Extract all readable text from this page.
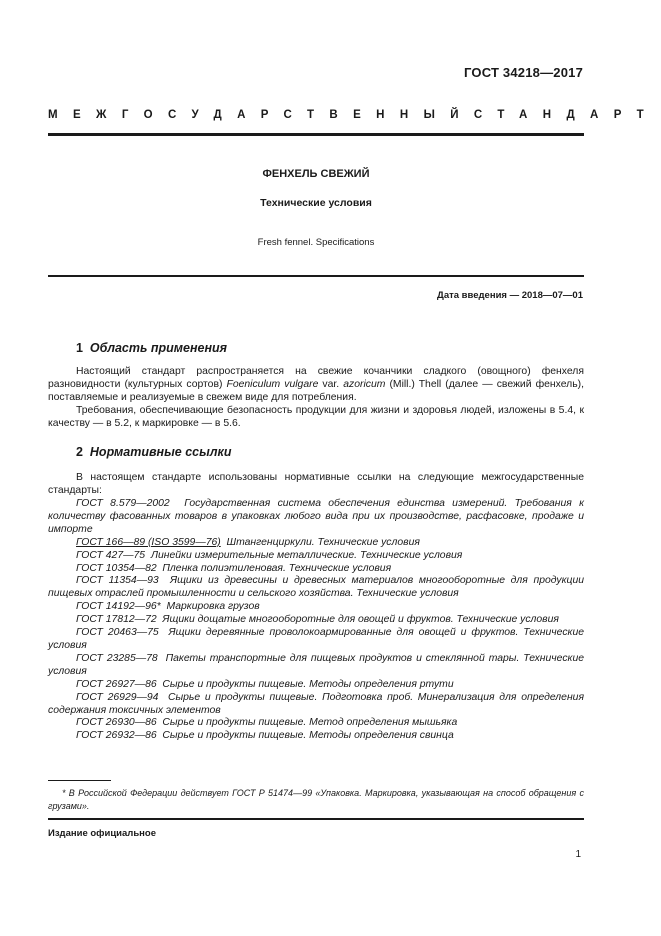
ГОСТ 34218—2017
МЕЖГОСУДАРСТВЕННЫЙ СТАНДАРТ
ФЕНХЕЛЬ СВЕЖИЙ
Технические условия
Fresh fennel. Specifications
Дата введения — 2018—07—01
1 Область применения

Настоящий стандарт распространяется на свежие кочанчики сладкого (овощного) фенхеля разновидности (культурных сортов) Foeniculum vulgare var. azoricum (Mill.) Thell (далее — свежий фенхель), поставляемые и реализуемые в свежем виде для потребления.

Требования, обеспечивающие безопасность продукции для жизни и здоровья людей, изложены в 5.4, к качеству — в 5.2, к маркировке — в 5.6.

2 Нормативные ссылки

В настоящем стандарте использованы нормативные ссылки на следующие межгосударственные стандарты:

ГОСТ 8.579—2002 Государственная система обеспечения единства измерений. Требования к количеству фасованных товаров в упаковках любого вида при их производстве, расфасовке, продаже и импорте

ГОСТ 166—89 (ISO 3599—76) Штангенциркули. Технические условия

ГОСТ 427—75 Линейки измерительные металлические. Технические условия

ГОСТ 10354—82 Пленка полиэтиленовая. Технические условия

ГОСТ 11354—93 Ящики из древесины и древесных материалов многооборотные для продукции пищевых отраслей промышленности и сельского хозяйства. Технические условия

ГОСТ 14192—96* Маркировка грузов

ГОСТ 17812—72 Ящики дощатые многооборотные для овощей и фруктов. Технические условия

ГОСТ 20463—75 Ящики деревянные проволокоармированные для овощей и фруктов. Технические условия

ГОСТ 23285—78 Пакеты транспортные для пищевых продуктов и стеклянной тары. Технические условия

ГОСТ 26927—86 Сырье и продукты пищевые. Методы определения ртути

ГОСТ 26929—94 Сырье и продукты пищевые. Подготовка проб. Минерализация для определения содержания токсичных элементов

ГОСТ 26930—86 Сырье и продукты пищевые. Метод определения мышьяка

ГОСТ 26932—86 Сырье и продукты пищевые. Методы определения свинца

* В Российской Федерации действует ГОСТ Р 51474—99 «Упаковка. Маркировка, указывающая на способ обращения с грузами».
Издание официальное
1
